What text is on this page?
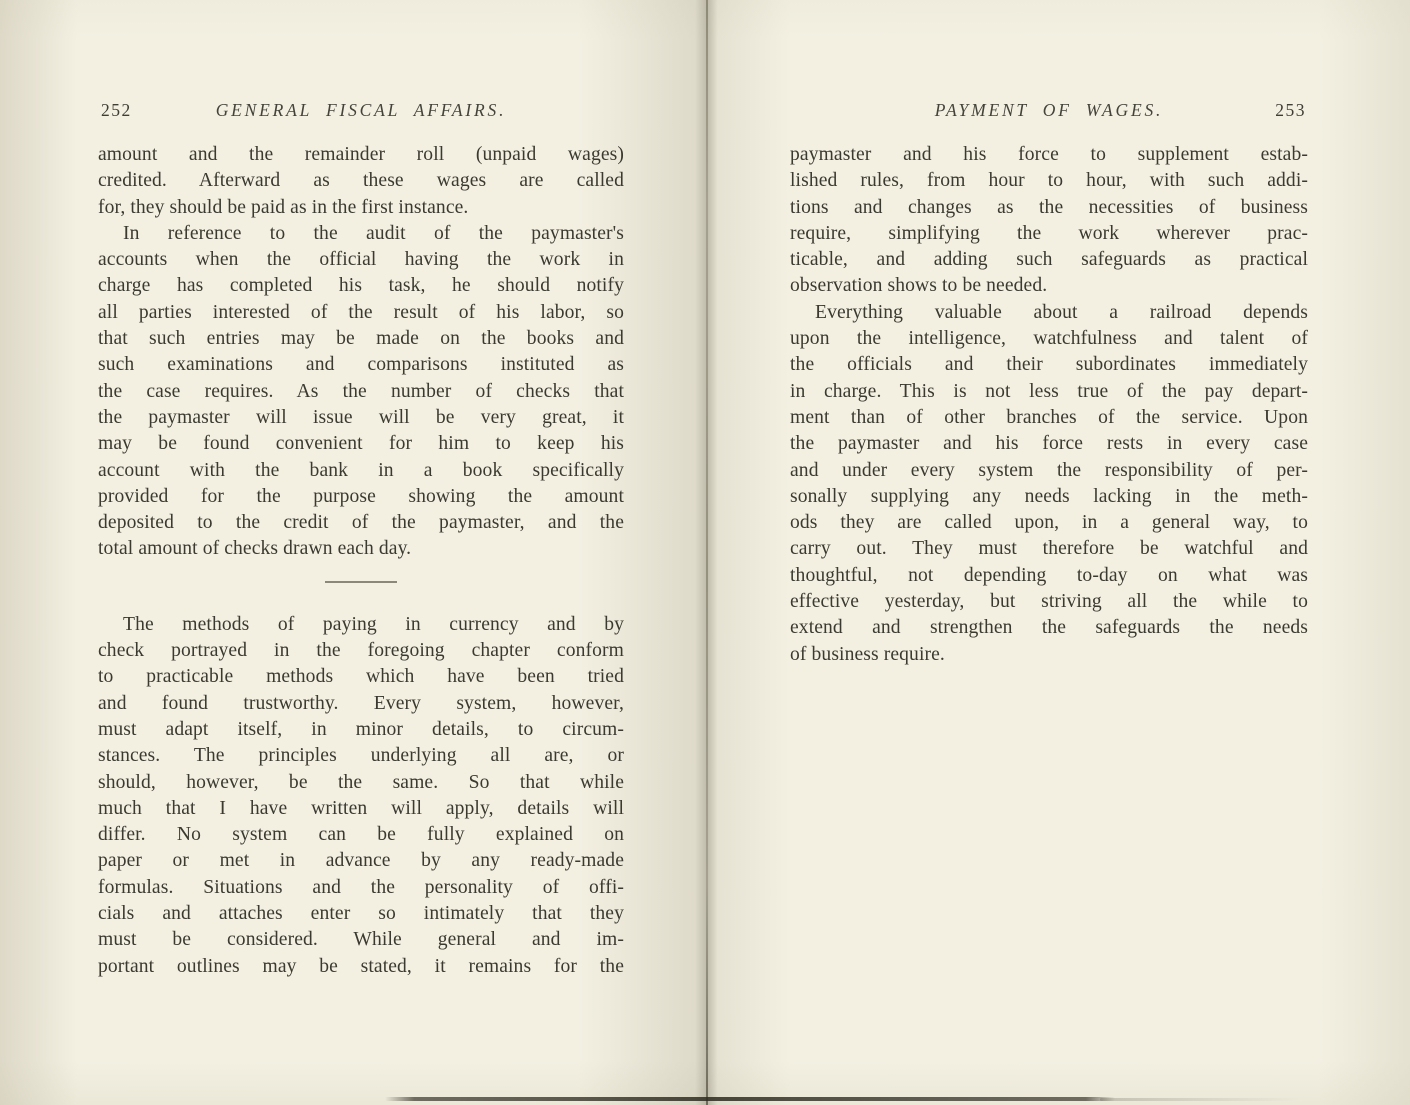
252	GENERAL FISCAL AFFAIRS.
amount and the remainder roll (unpaid wages)
credited. Afterward as these wages are called
for, they should be paid as in the first instance.
In reference to the audit of the paymaster's
accounts when the official having the work in
charge has completed his task, he should notify
all parties interested of the result of his labor, so
that such entries may be made on the books and
such examinations and comparisons instituted as
the case requires. As the number of checks that
the paymaster will issue will be very great, it
may be found convenient for him to keep his
account with the bank in a book specifically
provided for the purpose showing the amount
deposited to the credit of the paymaster, and the
total amount of checks drawn each day.
The methods of paying in currency and by
check portrayed in the foregoing chapter conform
to practicable methods which have been tried
and found trustworthy. Every system, however,
must adapt itself, in minor details, to circum-
stances. The principles underlying all are, or
should, however, be the same. So that while
much that I have written will apply, details will
differ. No system can be fully explained on
paper or met in advance by any ready-made
formulas. Situations and the personality of offi-
cials and attaches enter so intimately that they
must be considered. While general and im-
portant outlines may be stated, it remains for the
PAYMENT OF WAGES.	253
paymaster and his force to supplement estab-
lished rules, from hour to hour, with such addi-
tions and changes as the necessities of business
require, simplifying the work wherever prac-
ticable, and adding such safeguards as practical
observation shows to be needed.
Everything valuable about a railroad depends
upon the intelligence, watchfulness and talent of
the officials and their subordinates immediately
in charge. This is not less true of the pay depart-
ment than of other branches of the service. Upon
the paymaster and his force rests in every case
and under every system the responsibility of per-
sonally supplying any needs lacking in the meth-
ods they are called upon, in a general way, to
carry out. They must therefore be watchful and
thoughtful, not depending to-day on what was
effective yesterday, but striving all the while to
extend and strengthen the safeguards the needs
of business require.
